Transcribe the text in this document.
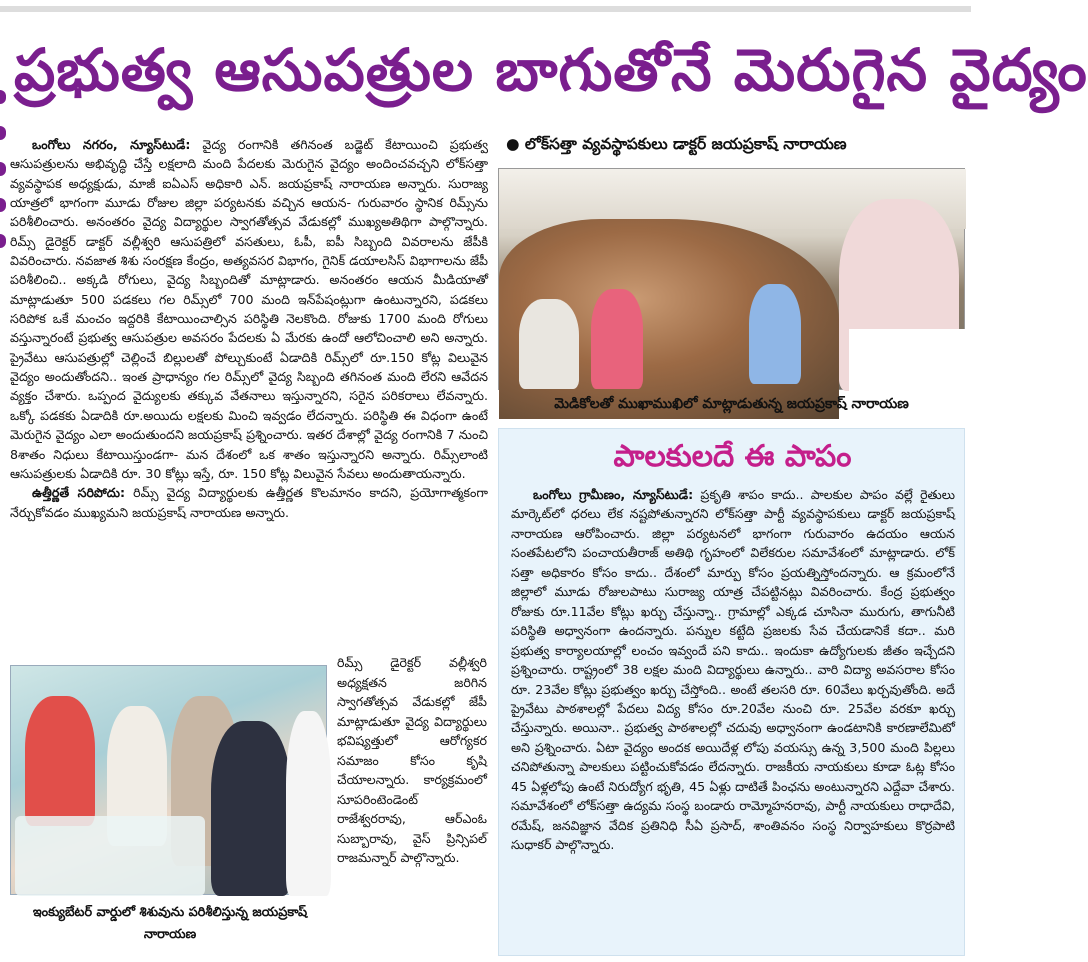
ప్రభుత్వ ఆసుపత్రుల బాగుతోనే మెరుగైన వైద్యం

ఒంగోలు నగరం, న్యూస్‌టుడే: వైద్య రంగానికి తగినంత బడ్జెట్ కేటాయించి ప్రభుత్వ ఆసుపత్రులను అభివృద్ధి చేస్తే లక్షలాది మంది పేదలకు మెరుగైన వైద్యం అందించవచ్చని లోక్‌సత్తా వ్యవస్థాపక అధ్యక్షుడు, మాజీ ఐఏఎస్ అధికారి ఎన్. జయప్రకాష్ నారాయణ అన్నారు. సురాజ్య యాత్రలో భాగంగా మూడు రోజుల జిల్లా పర్యటనకు వచ్చిన ఆయన- గురువారం స్థానిక రిమ్స్‌ను పరిశీలించారు. అనంతరం వైద్య విద్యార్థుల స్వాగతోత్సవ వేడుకల్లో ముఖ్యఅతిథిగా పాల్గొన్నారు. రిమ్స్ డైరెక్టర్ డాక్టర్ వల్లీశ్వరి ఆసుపత్రిలో వసతులు, ఓపీ, ఐపీ సిబ్బంది వివరాలను జేపీకి వివరించారు. నవజాత శిశు సంరక్షణ కేంద్రం, అత్యవసర విభాగం, గైనిక్ డయాలసిస్ విభాగాలను జేపీ పరిశీలించి.. అక్కడి రోగులు, వైద్య సిబ్బందితో మాట్లాడారు. అనంతరం ఆయన మీడియాతో మాట్లాడుతూ 500 పడకలు గల రిమ్స్‌లో 700 మంది ఇన్‌పేషంట్లుగా ఉంటున్నారని, పడకలు సరిపోక ఒకే మంచం ఇద్దరికి కేటాయించాల్సిన పరిస్థితి నెలకొంది. రోజుకు 1700 మంది రోగులు వస్తున్నారంటే ప్రభుత్వ ఆసుపత్రుల అవసరం పేదలకు ఏ మేరకు ఉందో ఆలోచించాలి అని అన్నారు. ప్రైవేటు ఆసుపత్రుల్లో చెల్లించే బిల్లులతో పోల్చుకుంటే ఏడాదికి రిమ్స్‌లో రూ.150 కోట్ల విలువైన వైద్యం అందుతోందని.. ఇంత ప్రాధాన్యం గల రిమ్స్‌లో వైద్య సిబ్బంది తగినంత మంది లేరని ఆవేదన వ్యక్తం చేశారు. ఒప్పంద వైద్యులకు తక్కువ వేతనాలు ఇస్తున్నారని, సరైన పరికరాలు లేవన్నారు. ఒక్కో పడకకు ఏడాదికి రూ.అయిదు లక్షలకు మించి ఇవ్వడం లేదన్నారు. పరిస్థితి ఈ విధంగా ఉంటే మెరుగైన వైద్యం ఎలా అందుతుందని జయప్రకాష్ ప్రశ్నించారు. ఇతర దేశాల్లో వైద్య రంగానికి 7 నుంచి 8శాతం నిధులు కేటాయిస్తుండగా- మన దేశంలో ఒక శాతం ఇస్తున్నారని అన్నారు. రిమ్స్‌లాంటి ఆసుపత్రులకు ఏడాదికి రూ. 30 కోట్లు ఇస్తే, రూ. 150 కోట్ల విలువైన సేవలు అందుతాయన్నారు.

ఉత్తీర్ణతే సరిపోదు: రిమ్స్ వైద్య విద్యార్థులకు ఉత్తీర్ణత కొలమానం కాదని, ప్రయోగాత్మకంగా నేర్చుకోవడం ముఖ్యమని జయప్రకాష్ నారాయణ అన్నారు.

ఇంక్యుబేటర్ వార్డులో శిశువును పరిశీలిస్తున్న జయప్రకాష్ నారాయణ
రిమ్స్ డైరెక్టర్ వల్లీశ్వరి అధ్యక్షతన జరిగిన స్వాగతోత్సవ వేడుకల్లో జేపీ మాట్లాడుతూ వైద్య విద్యార్థులు భవిష్యత్తులో ఆరోగ్యకర సమాజం కోసం కృషి చేయాలన్నారు. కార్యక్రమంలో సూపరింటెండెంట్ రాజేశ్వరరావు, ఆర్ఎంఓ సుబ్బారావు, వైస్ ప్రిన్సిపల్ రాజమన్నార్ పాల్గొన్నారు.
● లోక్‌సత్తా వ్యవస్థాపకులు డాక్టర్ జయప్రకాష్ నారాయణ
మెడికోలతో ముఖాముఖిలో మాట్లాడుతున్న జయప్రకాష్ నారాయణ
పాలకులదే ఈ పాపం

ఒంగోలు గ్రామీణం, న్యూస్‌టుడే: ప్రకృతి శాపం కాదు.. పాలకుల పాపం వల్లే రైతులు మార్కెట్‌లో ధరలు లేక నష్టపోతున్నారని లోక్‌సత్తా పార్టీ వ్యవస్థాపకులు డాక్టర్ జయప్రకాష్ నారాయణ ఆరోపించారు. జిల్లా పర్యటనలో భాగంగా గురువారం ఉదయం ఆయన సంతపేటలోని పంచాయతీరాజ్ అతిథి గృహంలో విలేకరుల సమావేశంలో మాట్లాడారు. లోక్ సత్తా అధికారం కోసం కాదు.. దేశంలో మార్పు కోసం ప్రయత్నిస్తోందన్నారు. ఆ క్రమంలోనే జిల్లాలో మూడు రోజులపాటు సురాజ్య యాత్ర చేపట్టినట్లు వివరించారు. కేంద్ర ప్రభుత్వం రోజుకు రూ.11వేల కోట్లు ఖర్చు చేస్తున్నా.. గ్రామాల్లో ఎక్కడ చూసినా మురుగు, తాగునీటి పరిస్థితి అధ్వానంగా ఉందన్నారు. పన్నుల కట్టేది ప్రజలకు సేవ చేయడానికే కదా.. మరి ప్రభుత్వ కార్యాలయాల్లో లంచం ఇవ్వందే పని కాదు.. ఇందుకా ఉద్యోగులకు జీతం ఇచ్చేదని ప్రశ్నించారు. రాష్ట్రంలో 38 లక్షల మంది విద్యార్థులు ఉన్నారు.. వారి విద్యా అవసరాల కోసం రూ. 23వేల కోట్లు ప్రభుత్వం ఖర్చు చేస్తోంది.. అంటే తలసరి రూ. 60వేలు ఖర్చవుతోంది. అదే ప్రైవేటు పాఠశాలల్లో పేదలు విద్య కోసం రూ.20వేల నుంచి రూ. 25వేల వరకూ ఖర్చు చేస్తున్నారు. అయినా.. ప్రభుత్వ పాఠశాలల్లో చదువు అధ్వానంగా ఉండటానికి కారణాలేమిటో అని ప్రశ్నించారు. ఏటా వైద్యం అందక అయిదేళ్ల లోపు వయస్సు ఉన్న 3,500 మంది పిల్లలు చనిపోతున్నా పాలకులు పట్టించుకోవడం లేదన్నారు. రాజకీయ నాయకులు కూడా ఓట్ల కోసం 45 ఏళ్లలోపు ఉంటే నిరుద్యోగ భృతి, 45 ఏళ్లు దాటితే పింఛను అంటున్నారని ఎద్దేవా చేశారు. సమావేశంలో లోక్‌సత్తా ఉద్యమ సంస్థ బండారు రామ్మోహనరావు, పార్టీ నాయకులు రాధాదేవి, రమేష్, జనవిజ్ఞాన వేదిక ప్రతినిధి సీఏ ప్రసాద్, శాంతివనం సంస్థ నిర్వాహకులు కొర్రపాటి సుధాకర్ పాల్గొన్నారు.
